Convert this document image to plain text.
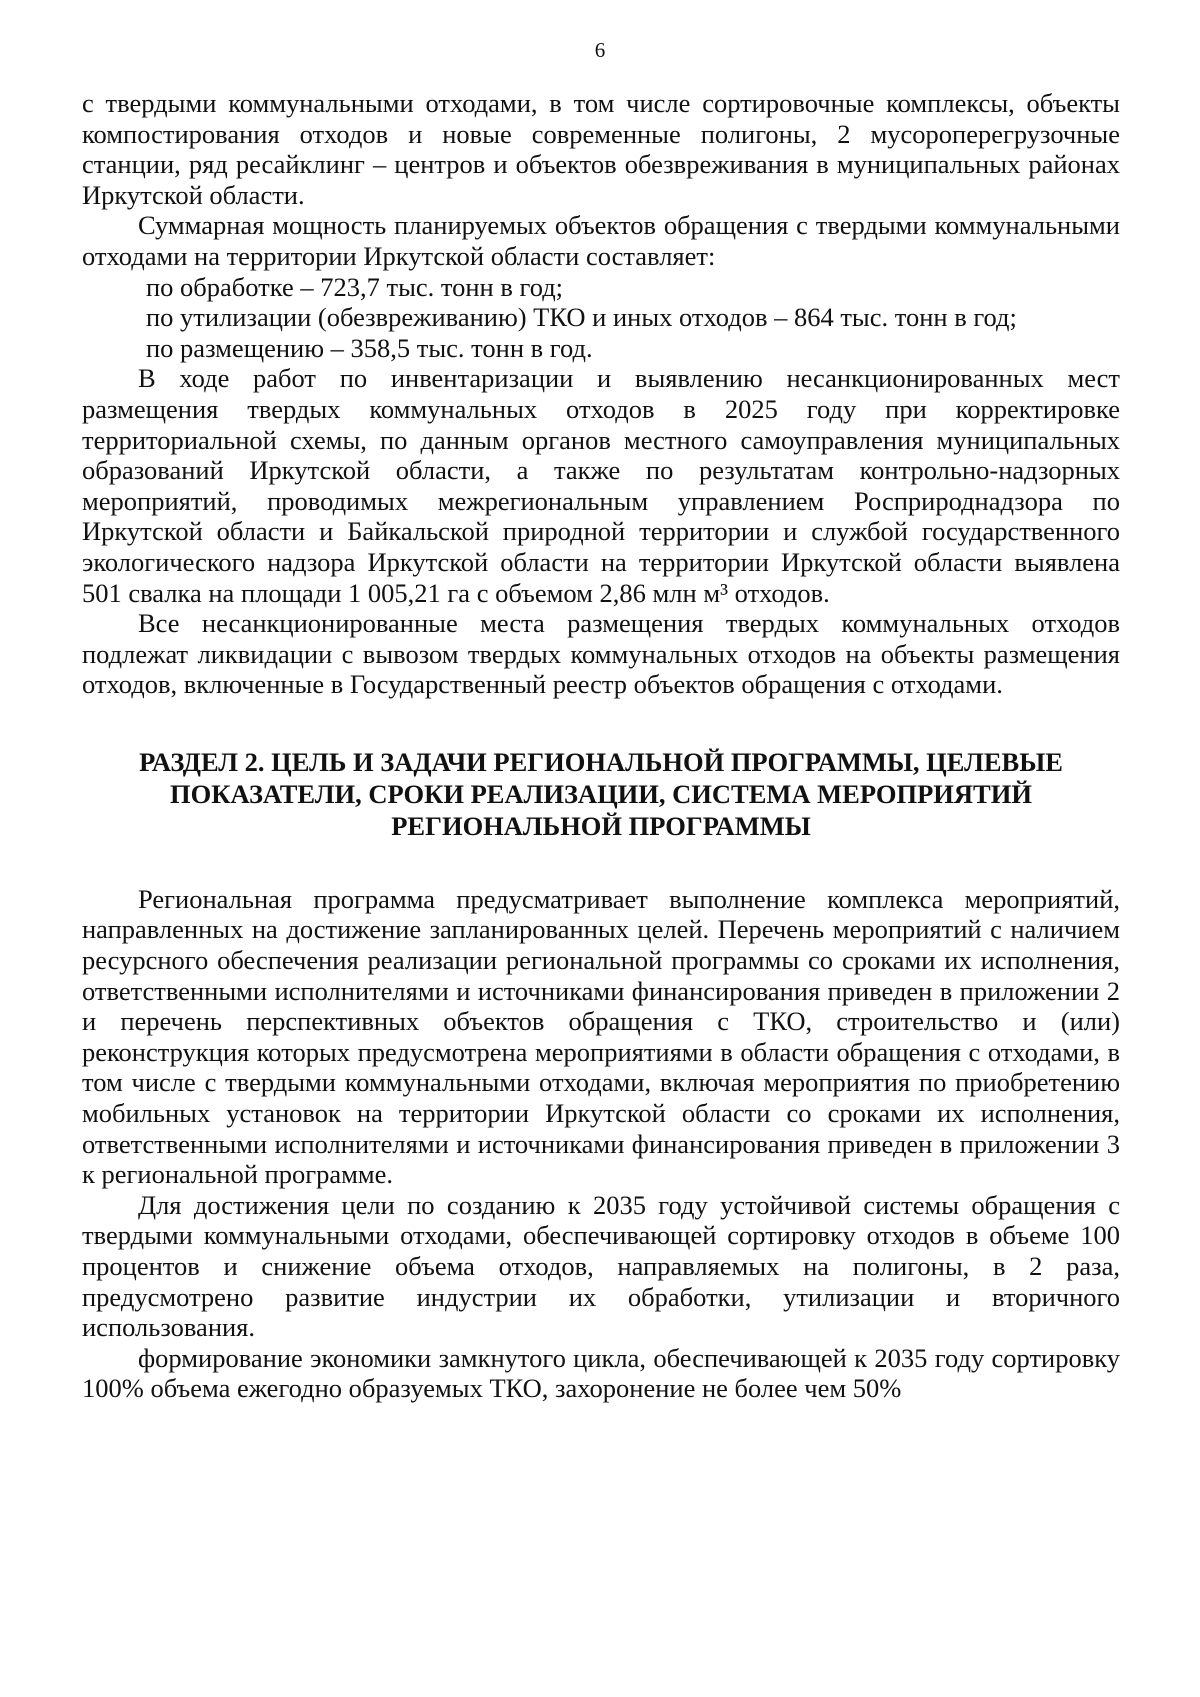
6

с твердыми коммунальными отходами, в том числе сортировочные комплексы, объекты компостирования отходов и новые современные полигоны, 2 мусороперегрузочные станции, ряд ресайклинг – центров и объектов обезвреживания в муниципальных районах Иркутской области.

Суммарная мощность планируемых объектов обращения с твердыми коммунальными отходами на территории Иркутской области составляет:

по обработке – 723,7 тыс. тонн в год;

по утилизации (обезвреживанию) ТКО и иных отходов – 864 тыс. тонн в год;

по размещению – 358,5 тыс. тонн в год.

В ходе работ по инвентаризации и выявлению несанкционированных мест размещения твердых коммунальных отходов в 2025 году при корректировке территориальной схемы, по данным органов местного самоуправления муниципальных образований Иркутской области, а также по результатам контрольно-надзорных мероприятий, проводимых межрегиональным управлением Росприроднадзора по Иркутской области и Байкальской природной территории и службой государственного экологического надзора Иркутской области на территории Иркутской области выявлена 501 свалка на площади 1 005,21 га с объемом 2,86 млн м³ отходов.

Все несанкционированные места размещения твердых коммунальных отходов подлежат ликвидации с вывозом твердых коммунальных отходов на объекты размещения отходов, включенные в Государственный реестр объектов обращения с отходами.

РАЗДЕЛ 2. ЦЕЛЬ И ЗАДАЧИ РЕГИОНАЛЬНОЙ ПРОГРАММЫ, ЦЕЛЕВЫЕ ПОКАЗАТЕЛИ, СРОКИ РЕАЛИЗАЦИИ, СИСТЕМА МЕРОПРИЯТИЙ РЕГИОНАЛЬНОЙ ПРОГРАММЫ

Региональная программа предусматривает выполнение комплекса мероприятий, направленных на достижение запланированных целей. Перечень мероприятий с наличием ресурсного обеспечения реализации региональной программы со сроками их исполнения, ответственными исполнителями и источниками финансирования приведен в приложении 2 и перечень перспективных объектов обращения с ТКО, строительство и (или) реконструкция которых предусмотрена мероприятиями в области обращения с отходами, в том числе с твердыми коммунальными отходами, включая мероприятия по приобретению мобильных установок на территории Иркутской области со сроками их исполнения, ответственными исполнителями и источниками финансирования приведен в приложении 3 к региональной программе.

Для достижения цели по созданию к 2035 году устойчивой системы обращения с твердыми коммунальными отходами, обеспечивающей сортировку отходов в объеме 100 процентов и снижение объема отходов, направляемых на полигоны, в 2 раза, предусмотрено развитие индустрии их обработки, утилизации и вторичного использования.

формирование экономики замкнутого цикла, обеспечивающей к 2035 году сортировку 100% объема ежегодно образуемых ТКО, захоронение не более чем 50%
